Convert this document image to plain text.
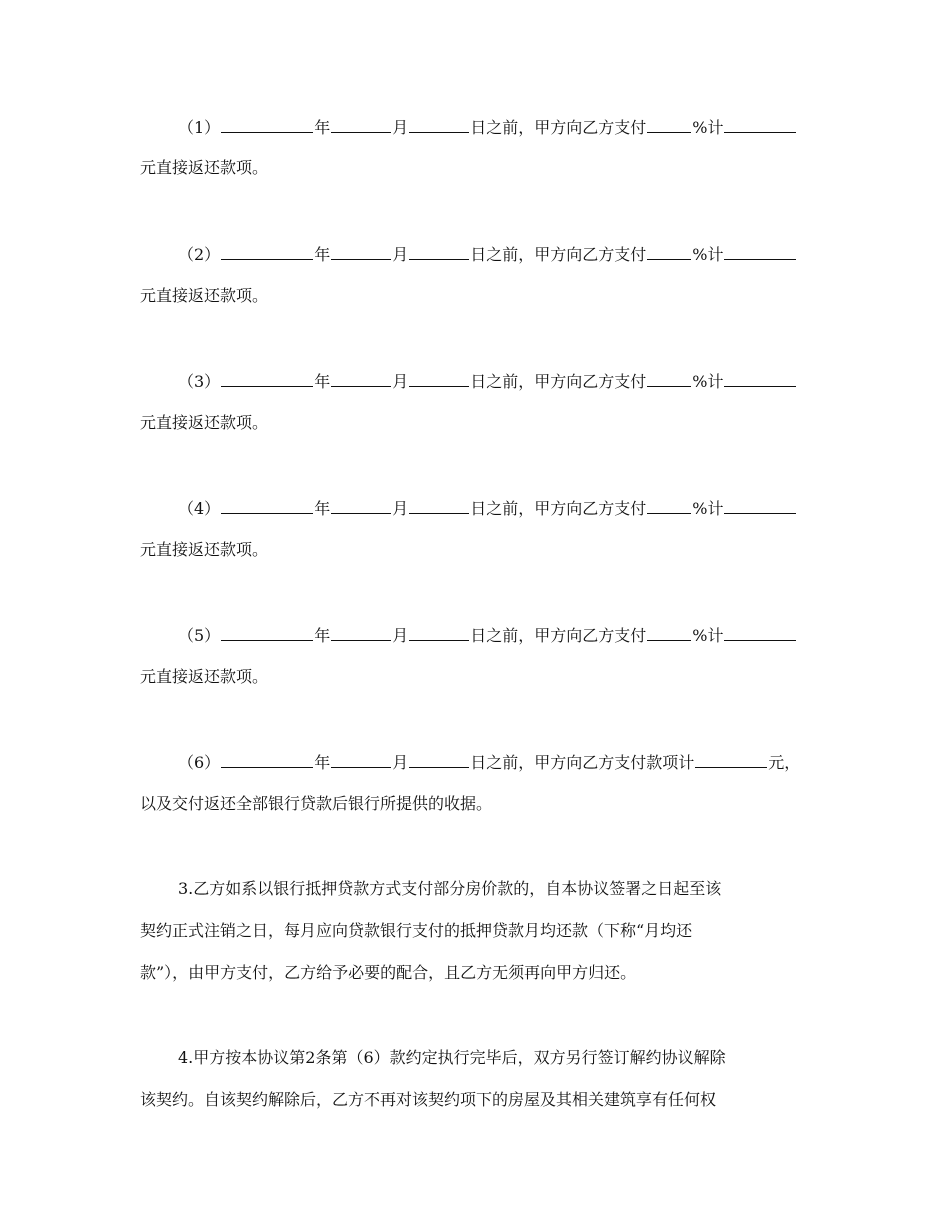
（1）	年	月	日之前，甲方向乙方支付	%计
元直接返还款项。
（2）	年	月	日之前，甲方向乙方支付	%计
元直接返还款项。
（3）	年	月	日之前，甲方向乙方支付	%计
元直接返还款项。
（4）	年	月	日之前，甲方向乙方支付	%计
元直接返还款项。
（5）	年	月	日之前，甲方向乙方支付	%计
元直接返还款项。
（6）	年	月	日之前，甲方向乙方支付款项计	元，
以及交付返还全部银行贷款后银行所提供的收据。
3.乙方如系以银行抵押贷款方式支付部分房价款的，自本协议签署之日起至该
契约正式注销之日，每月应向贷款银行支付的抵押贷款月均还款（下称“月均还
款”），由甲方支付，乙方给予必要的配合，且乙方无须再向甲方归还。
4.甲方按本协议第2条第（6）款约定执行完毕后，双方另行签订解约协议解除
该契约。自该契约解除后，乙方不再对该契约项下的房屋及其相关建筑享有任何权
